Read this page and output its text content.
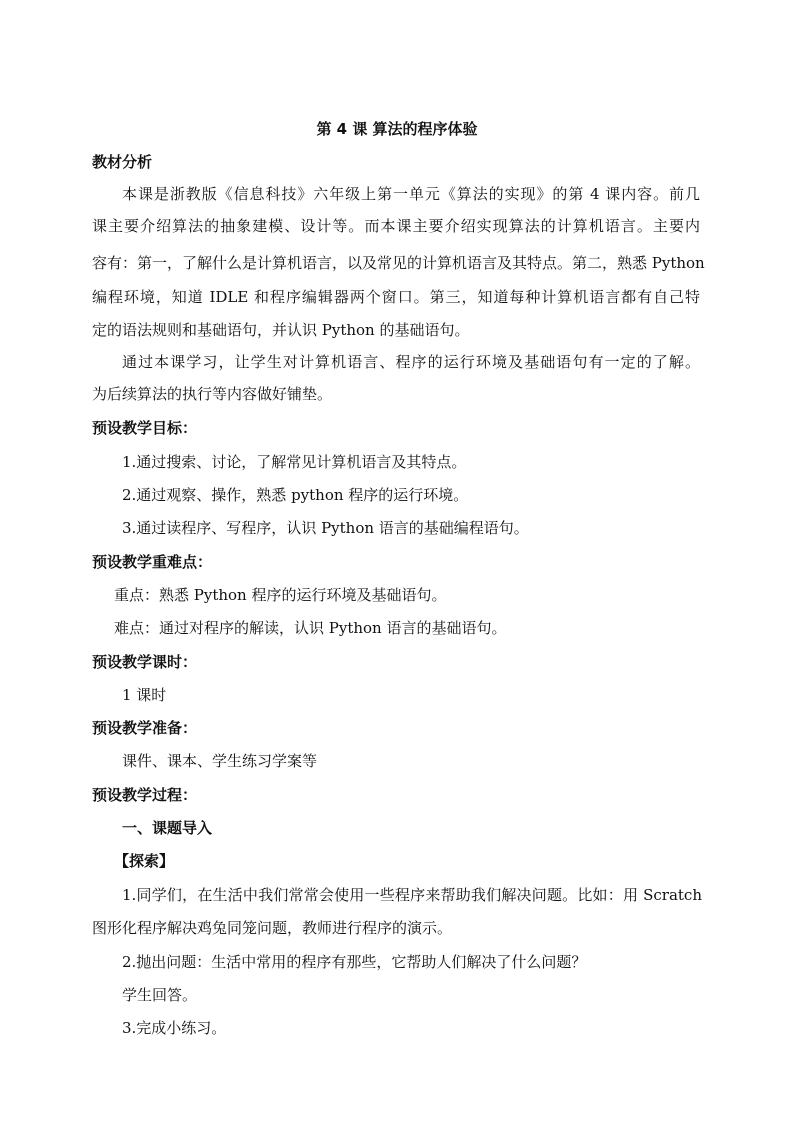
第 4 课 算法的程序体验
教材分析
本课是浙教版《信息科技》六年级上第一单元《算法的实现》的第 4 课内容。前几
课主要介绍算法的抽象建模、设计等。而本课主要介绍实现算法的计算机语言。主要内
容有：第一，了解什么是计算机语言，以及常见的计算机语言及其特点。第二，熟悉 Python
编程环境，知道 IDLE 和程序编辑器两个窗口。第三，知道每种计算机语言都有自己特
定的语法规则和基础语句，并认识 Python 的基础语句。
通过本课学习，让学生对计算机语言、程序的运行环境及基础语句有一定的了解。
为后续算法的执行等内容做好铺垫。
预设教学目标：
1.通过搜索、讨论，了解常见计算机语言及其特点。
2.通过观察、操作，熟悉 python 程序的运行环境。
3.通过读程序、写程序，认识 Python 语言的基础编程语句。
预设教学重难点：
重点：熟悉 Python 程序的运行环境及基础语句。
难点：通过对程序的解读，认识 Python 语言的基础语句。
预设教学课时：
1 课时
预设教学准备：
课件、课本、学生练习学案等
预设教学过程：
一、课题导入
【探索】
1.同学们，在生活中我们常常会使用一些程序来帮助我们解决问题。比如：用 Scratch
图形化程序解决鸡兔同笼问题，教师进行程序的演示。
2.抛出问题：生活中常用的程序有那些，它帮助人们解决了什么问题？
学生回答。
3.完成小练习。
